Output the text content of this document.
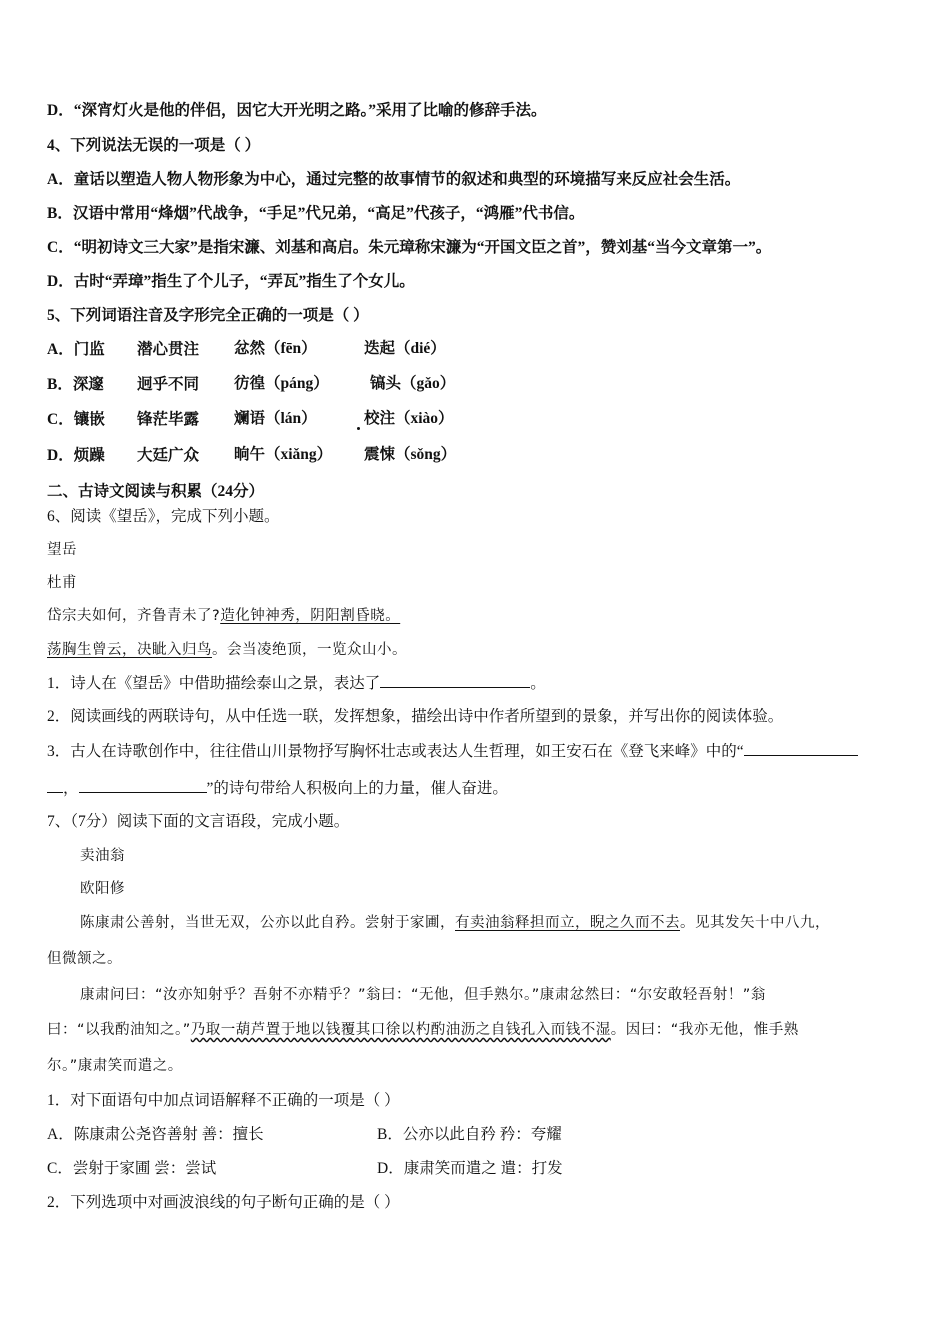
D．“深宵灯火是他的伴侣，因它大开光明之路。”采用了比喻的修辞手法。
4、下列说法无误的一项是（ ）
A．童话以塑造人物人物形象为中心，通过完整的故事情节的叙述和典型的环境描写来反应社会生活。
B．汉语中常用“烽烟”代战争，“手足”代兄弟，“高足”代孩子，“鸿雁”代书信。
C．“明初诗文三大家”是指宋濂、刘基和高启。朱元璋称宋濂为“开国文臣之首”，赞刘基“当今文章第一”。
D．古时“弄璋”指生了个儿子，“弄瓦”指生了个女儿。
5、下列词语注音及字形完全正确的一项是（ ）
A．门监 潜心贯注 忿然（fēn）	迭起（dié）
B．深邃 迥乎不同 彷徨（páng）	镐头（gǎo）
C．镶嵌 锋茫毕露 斓语（lán）	校注（xiào）
D．烦躁 大廷广众 晌午（xiǎng） 震悚（sǒng）
二、古诗文阅读与积累（24分）
6、阅读《望岳》，完成下列小题。
望岳
杜甫
岱宗夫如何，齐鲁青未了?造化钟神秀，阴阳割昏晓。
荡胸生曾云，决眦入归鸟。会当凌绝顶，一览众山小。
1．诗人在《望岳》中借助描绘泰山之景，表达了	。
2．阅读画线的两联诗句，从中任选一联，发挥想象，描绘出诗中作者所望到的景象，并写出你的阅读体验。
3．古人在诗歌创作中，往往借山川景物抒写胸怀壮志或表达人生哲理，如王安石在《登飞来峰》中的“
，	”的诗句带给人积极向上的力量，催人奋进。
7、（7分）阅读下面的文言语段，完成小题。
卖油翁
欧阳修
陈康肃公善射，当世无双，公亦以此自矜。尝射于家圃，有卖油翁释担而立，睨之久而不去。见其发矢十中八九，
但微颔之。
康肃问曰：“汝亦知射乎？吾射不亦精乎？”翁曰：“无他，但手熟尔。”康肃忿然曰：“尔安敢轻吾射！”翁
曰：“以我酌油知之。”乃取一葫芦置于地以钱覆其口徐以杓酌油沥之自钱孔入而钱不湿。因曰：“我亦无他，惟手熟
尔。”康肃笑而遣之。
1．对下面语句中加点词语解释不正确的一项是（ ）
A．陈康肃公尧咨善射 善：擅长	B．公亦以此自矜 矜：夸耀
C．尝射于家圃 尝：尝试	D．康肃笑而遣之 遣：打发
2．下列选项中对画波浪线的句子断句正确的是（ ）
